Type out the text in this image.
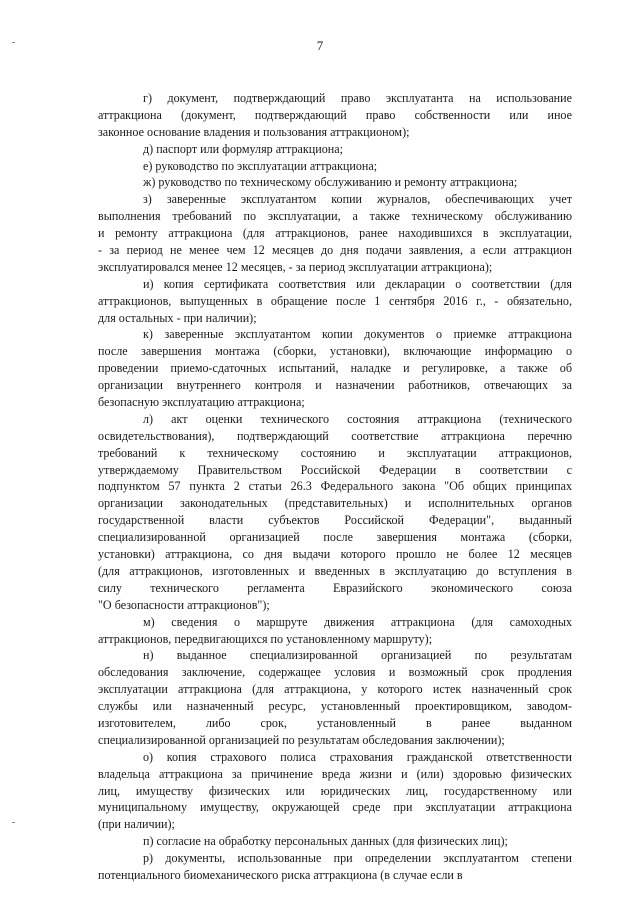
7
г) документ, подтверждающий право эксплуатанта на использование
аттракциона (документ, подтверждающий право собственности или иное
законное основание владения и пользования аттракционом);
д) паспорт или формуляр аттракциона;
е) руководство по эксплуатации аттракциона;
ж) руководство по техническому обслуживанию и ремонту аттракциона;
з) заверенные эксплуатантом копии журналов, обеспечивающих учет
выполнения требований по эксплуатации, а также техническому обслуживанию
и ремонту аттракциона (для аттракционов, ранее находившихся в эксплуатации,
- за период не менее чем 12 месяцев до дня подачи заявления, а если аттракцион
эксплуатировался менее 12 месяцев, - за период эксплуатации аттракциона);
и) копия сертификата соответствия или декларации о соответствии (для
аттракционов, выпущенных в обращение после 1 сентября 2016 г., - обязательно,
для остальных - при наличии);
к) заверенные эксплуатантом копии документов о приемке аттракциона
после завершения монтажа (сборки, установки), включающие информацию о
проведении приемо-сдаточных испытаний, наладке и регулировке, а также об
организации внутреннего контроля и назначении работников, отвечающих за
безопасную эксплуатацию аттракциона;
л) акт оценки технического состояния аттракциона (технического
освидетельствования), подтверждающий соответствие аттракциона перечню
требований к техническому состоянию и эксплуатации аттракционов,
утверждаемому Правительством Российской Федерации в соответствии с
подпунктом 57 пункта 2 статьи 26.3 Федерального закона "Об общих принципах
организации законодательных (представительных) и исполнительных органов
государственной власти субъектов Российской Федерации", выданный
специализированной организацией после завершения монтажа (сборки,
установки) аттракциона, со дня выдачи которого прошло не более 12 месяцев
(для аттракционов, изготовленных и введенных в эксплуатацию до вступления в
силу технического регламента Евразийского экономического союза
"О безопасности аттракционов");
м) сведения о маршруте движения аттракциона (для самоходных
аттракционов, передвигающихся по установленному маршруту);
н) выданное специализированной организацией по результатам
обследования заключение, содержащее условия и возможный срок продления
эксплуатации аттракциона (для аттракциона, у которого истек назначенный срок
службы или назначенный ресурс, установленный проектировщиком, заводом-
изготовителем, либо срок, установленный в ранее выданном
специализированной организацией по результатам обследования заключении);
о) копия страхового полиса страхования гражданской ответственности
владельца аттракциона за причинение вреда жизни и (или) здоровью физических
лиц, имуществу физических или юридических лиц, государственному или
муниципальному имуществу, окружающей среде при эксплуатации аттракциона
(при наличии);
п) согласие на обработку персональных данных (для физических лиц);
р) документы, использованные при определении эксплуатантом степени
потенциального биомеханического риска аттракциона (в случае если в
